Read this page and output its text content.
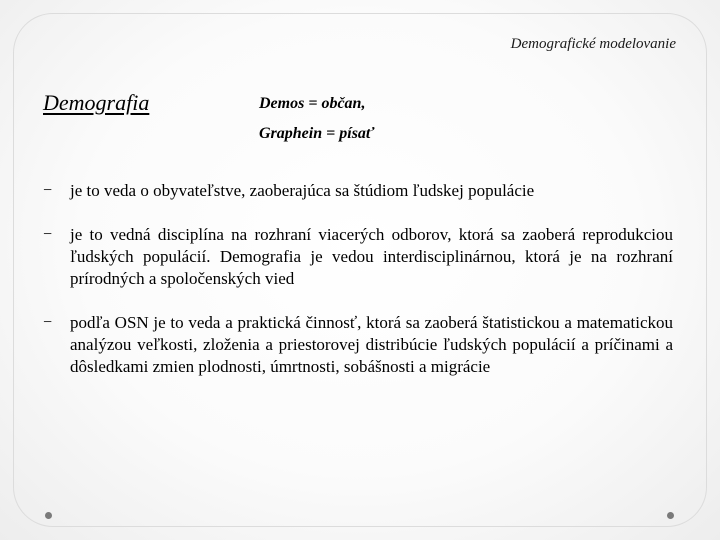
Demografické modelovanie
Demografia	Demos = občan,
Graphein = písať
− je to veda o obyvateľstve, zaoberajúca sa štúdiom ľudskej populácie
− je to vedná disciplína na rozhraní viacerých odborov, ktorá sa zaoberá reprodukciou ľudských populácií. Demografia je vedou interdisciplinárnou, ktorá je na rozhraní prírodných a spoločenských vied
− podľa OSN je to veda a praktická činnosť, ktorá sa zaoberá štatistickou a matematickou analýzou veľkosti, zloženia a priestorovej distribúcie ľudských populácií a príčinami a dôsledkami zmien plodnosti, úmrtnosti, sobášnosti a migrácie
